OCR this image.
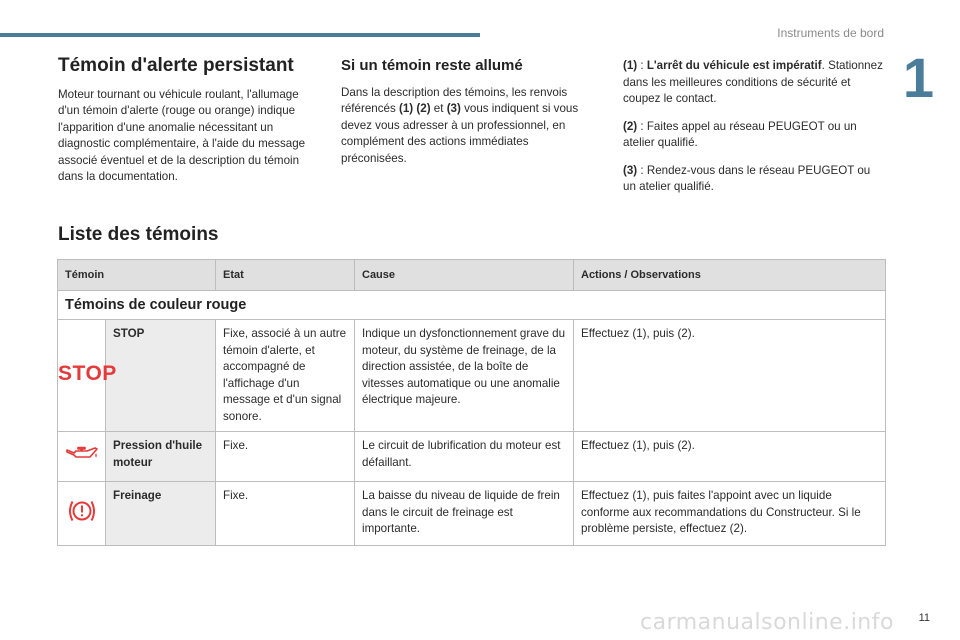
Instruments de bord
1
Témoin d'alerte persistant

Moteur tournant ou véhicule roulant, l'allumage d'un témoin d'alerte (rouge ou orange) indique l'apparition d'une anomalie nécessitant un diagnostic complémentaire, à l'aide du message associé éventuel et de la description du témoin dans la documentation.

Si un témoin reste allumé

Dans la description des témoins, les renvois référencés (1) (2) et (3) vous indiquent si vous devez vous adresser à un professionnel, en complément des actions immédiates préconisées.

(1) : L'arrêt du véhicule est impératif. Stationnez dans les meilleures conditions de sécurité et coupez le contact.

(2) : Faites appel au réseau PEUGEOT ou un atelier qualifié.

(3) : Rendez-vous dans le réseau PEUGEOT ou un atelier qualifié.

Liste des témoins
Témoin		Etat	Cause	Actions / Observations
Témoins de couleur rouge				
STOP	STOP	Fixe, associé à un autre témoin d'alerte, et accompagné de l'affichage d'un message et d'un signal sonore.	Indique un dysfonctionnement grave du moteur, du système de freinage, de la direction assistée, de la boîte de vitesses automatique ou une anomalie électrique majeure.	Effectuez (1), puis (2).
	Pression d'huile moteur	Fixe.	Le circuit de lubrification du moteur est défaillant.	Effectuez (1), puis (2).
	Freinage	Fixe.	La baisse du niveau de liquide de frein dans le circuit de freinage est importante.	Effectuez (1), puis faites l'appoint avec un liquide conforme aux recommandations du Constructeur. Si le problème persiste, effectuez (2).
carmanualsonline.info 11
